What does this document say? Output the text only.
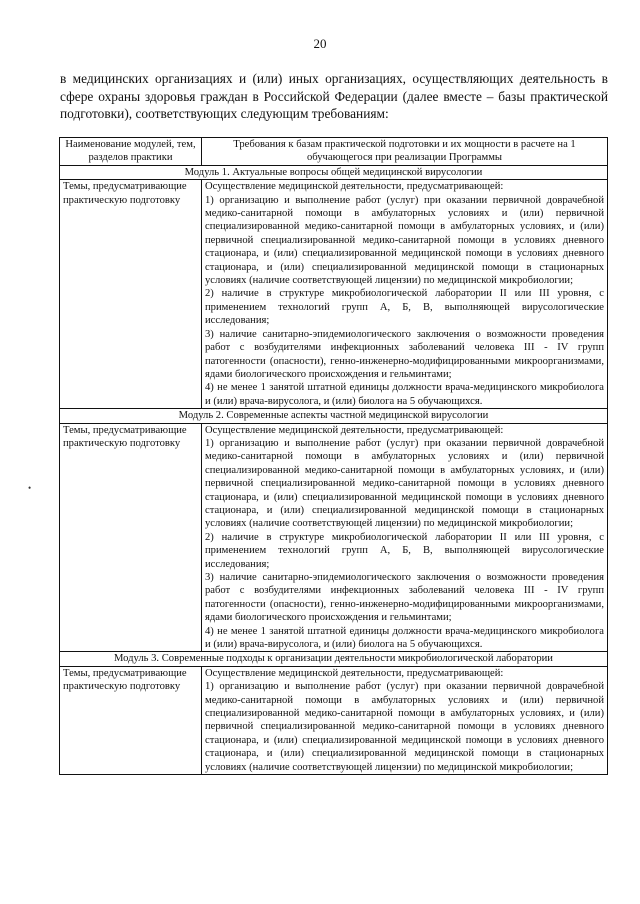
20
в медицинских организациях и (или) иных организациях, осуществляющих деятельность в сфере охраны здоровья граждан в Российской Федерации (далее вместе – базы практической подготовки), соответствующих следующим требованиям:
•
Наименование модулей, тем, разделов практики	Требования к базам практической подготовки и их мощности в расчете на 1 обучающегося при реализации Программы
Модуль 1. Актуальные вопросы общей медицинской вирусологии	
Темы, предусматривающие практическую подготовку	Осуществление медицинской деятельности, предусматривающей:
1) организацию и выполнение работ (услуг) при оказании первичной доврачебной медико-санитарной помощи в амбулаторных условиях и (или) первичной специализированной медико-санитарной помощи в амбулаторных условиях, и (или) первичной специализированной медико-санитарной помощи в условиях дневного стационара, и (или) специализированной медицинской помощи в условиях дневного стационара, и (или) специализированной медицинской помощи в стационарных условиях (наличие соответствующей лицензии) по медицинской микробиологии;
2) наличие в структуре микробиологической лаборатории II или III уровня, с применением технологий групп А, Б, В, выполняющей вирусологические исследования;
3) наличие санитарно-эпидемиологического заключения о возможности проведения работ с возбудителями инфекционных заболеваний человека III - IV групп патогенности (опасности), генно-инженерно-модифицированными микроорганизмами, ядами биологического происхождения и гельминтами;
4) не менее 1 занятой штатной единицы должности врача-медицинского микробиолога и (или) врача-вирусолога, и (или) биолога на 5 обучающихся.

Модуль 2. Современные аспекты частной медицинской вирусологии	
Темы, предусматривающие практическую подготовку	Осуществление медицинской деятельности, предусматривающей:
1) организацию и выполнение работ (услуг) при оказании первичной доврачебной медико-санитарной помощи в амбулаторных условиях и (или) первичной специализированной медико-санитарной помощи в амбулаторных условиях, и (или) первичной специализированной медико-санитарной помощи в условиях дневного стационара, и (или) специализированной медицинской помощи в условиях дневного стационара, и (или) специализированной медицинской помощи в стационарных условиях (наличие соответствующей лицензии) по медицинской микробиологии;
2) наличие в структуре микробиологической лаборатории II или III уровня, с применением технологий групп А, Б, В, выполняющей вирусологические исследования;
3) наличие санитарно-эпидемиологического заключения о возможности проведения работ с возбудителями инфекционных заболеваний человека III - IV групп патогенности (опасности), генно-инженерно-модифицированными микроорганизмами, ядами биологического происхождения и гельминтами;
4) не менее 1 занятой штатной единицы должности врача-медицинского микробиолога и (или) врача-вирусолога, и (или) биолога на 5 обучающихся.

Модуль 3. Современные подходы к организации деятельности микробиологической лаборатории	
Темы, предусматривающие практическую подготовку	Осуществление медицинской деятельности, предусматривающей:
1) организацию и выполнение работ (услуг) при оказании первичной доврачебной медико-санитарной помощи в амбулаторных условиях и (или) первичной специализированной медико-санитарной помощи в амбулаторных условиях, и (или) первичной специализированной медико-санитарной помощи в условиях дневного стационара, и (или) специализированной медицинской помощи в условиях дневного стационара, и (или) специализированной медицинской помощи в стационарных условиях (наличие соответствующей лицензии) по медицинской микробиологии;
